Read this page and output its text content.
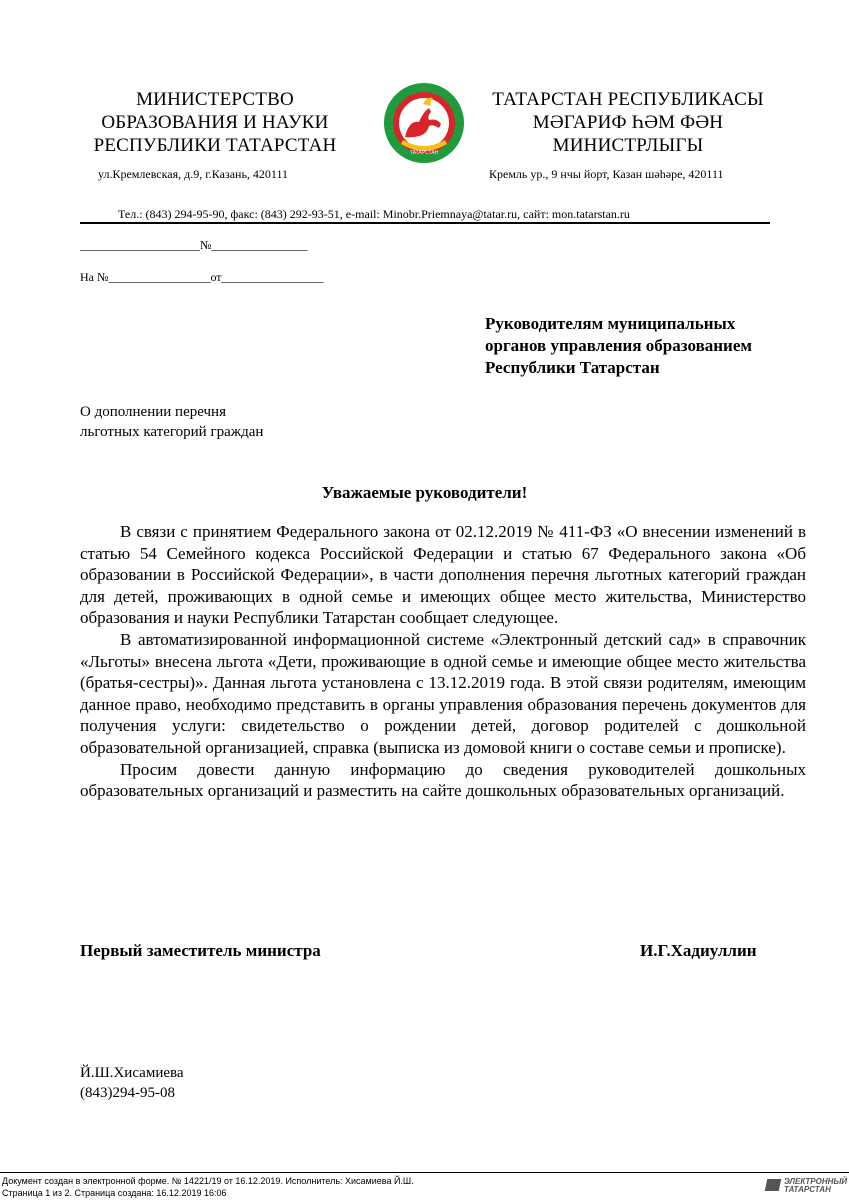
МИНИСТЕРСТВО
ОБРАЗОВАНИЯ И НАУКИ
РЕСПУБЛИКИ ТАТАРСТАН	ТАТАРСТАН
ТАТАРСТАН РЕСПУБЛИКАСЫ
МӘГАРИФ ҺӘМ ФӘН
МИНИСТРЛЫГЫ
ул.Кремлевская, д.9, г.Казань, 420111	Кремль ур., 9 нчы йорт, Казан шәһәре, 420111
Тел.: (843) 294-95-90, факс: (843) 292-93-51, e-mail: Minobr.Priemnaya@tatar.ru, сайт: mon.tatarstan.ru
____________________№________________
На №_________________от_________________
Руководителям муниципальных
органов управления образованием
Республики Татарстан
О дополнении перечня
льготных категорий граждан
Уважаемые руководители!

В связи с принятием Федерального закона от 02.12.2019 № 411-ФЗ «О внесении изменений в статью 54 Семейного кодекса Российской Федерации и статью 67 Федерального закона «Об образовании в Российской Федерации», в части дополнения перечня льготных категорий граждан для детей, проживающих в одной семье и имеющих общее место жительства, Министерство образования и науки Республики Татарстан сообщает следующее.

В автоматизированной информационной системе «Электронный детский сад» в справочник «Льготы» внесена льгота «Дети, проживающие в одной семье и имеющие общее место жительства (братья-сестры)». Данная льгота установлена с 13.12.2019 года. В этой связи родителям, имеющим данное право, необходимо представить в органы управления образования перечень документов для получения услуги: свидетельство о рождении детей, договор родителей с дошкольной образовательной организацией, справка (выписка из домовой книги о составе семьи и прописке).

Просим довести данную информацию до сведения руководителей дошкольных образовательных организаций и разместить на сайте дошкольных образовательных организаций.

Первый заместитель министра	И.Г.Хадиуллин
Й.Ш.Хисамиева
(843)294-95-08
Документ создан в электронной форме. № 14221/19 от 16.12.2019. Исполнитель: Хисамиева Й.Ш.
Страница 1 из 2. Страница создана: 16.12.2019 16:06
ЭЛЕКТРОННЫЙ
ТАТАРСТАН
